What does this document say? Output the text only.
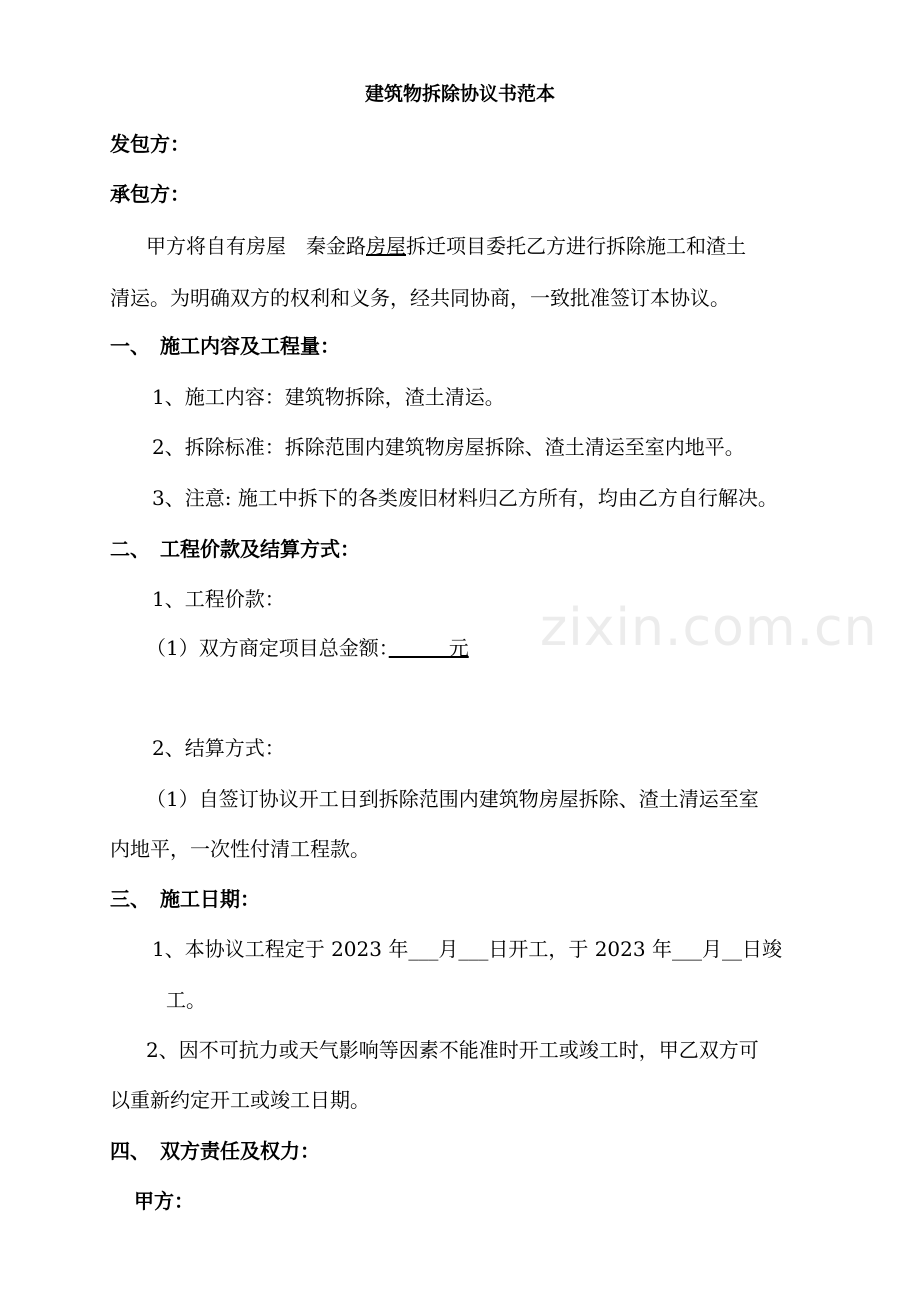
建筑物拆除协议书范本
发包方：
承包方：
甲方将自有房屋　秦金路房屋拆迁项目委托乙方进行拆除施工和渣土
清运。为明确双方的权利和义务，经共同协商，一致批准签订本协议。
一、　施工内容及工程量：
1、施工内容：建筑物拆除，渣土清运。
2、拆除标准：拆除范围内建筑物房屋拆除、渣土清运至室内地平。
3、注意: 施工中拆下的各类废旧材料归乙方所有，均由乙方自行解决。
二、　工程价款及结算方式：
1、工程价款：
（1）双方商定项目总金额：　　　元
2、结算方式：
（1）自签订协议开工日到拆除范围内建筑物房屋拆除、渣土清运至室
内地平，一次性付清工程款。
三、　施工日期：
1、本协议工程定于 2023 年___月___日开工，于 2023 年___月__日竣
工。
2、因不可抗力或天气影响等因素不能准时开工或竣工时，甲乙双方可
以重新约定开工或竣工日期。
四、　双方责任及权力：
甲方：
zixin.com.cn
